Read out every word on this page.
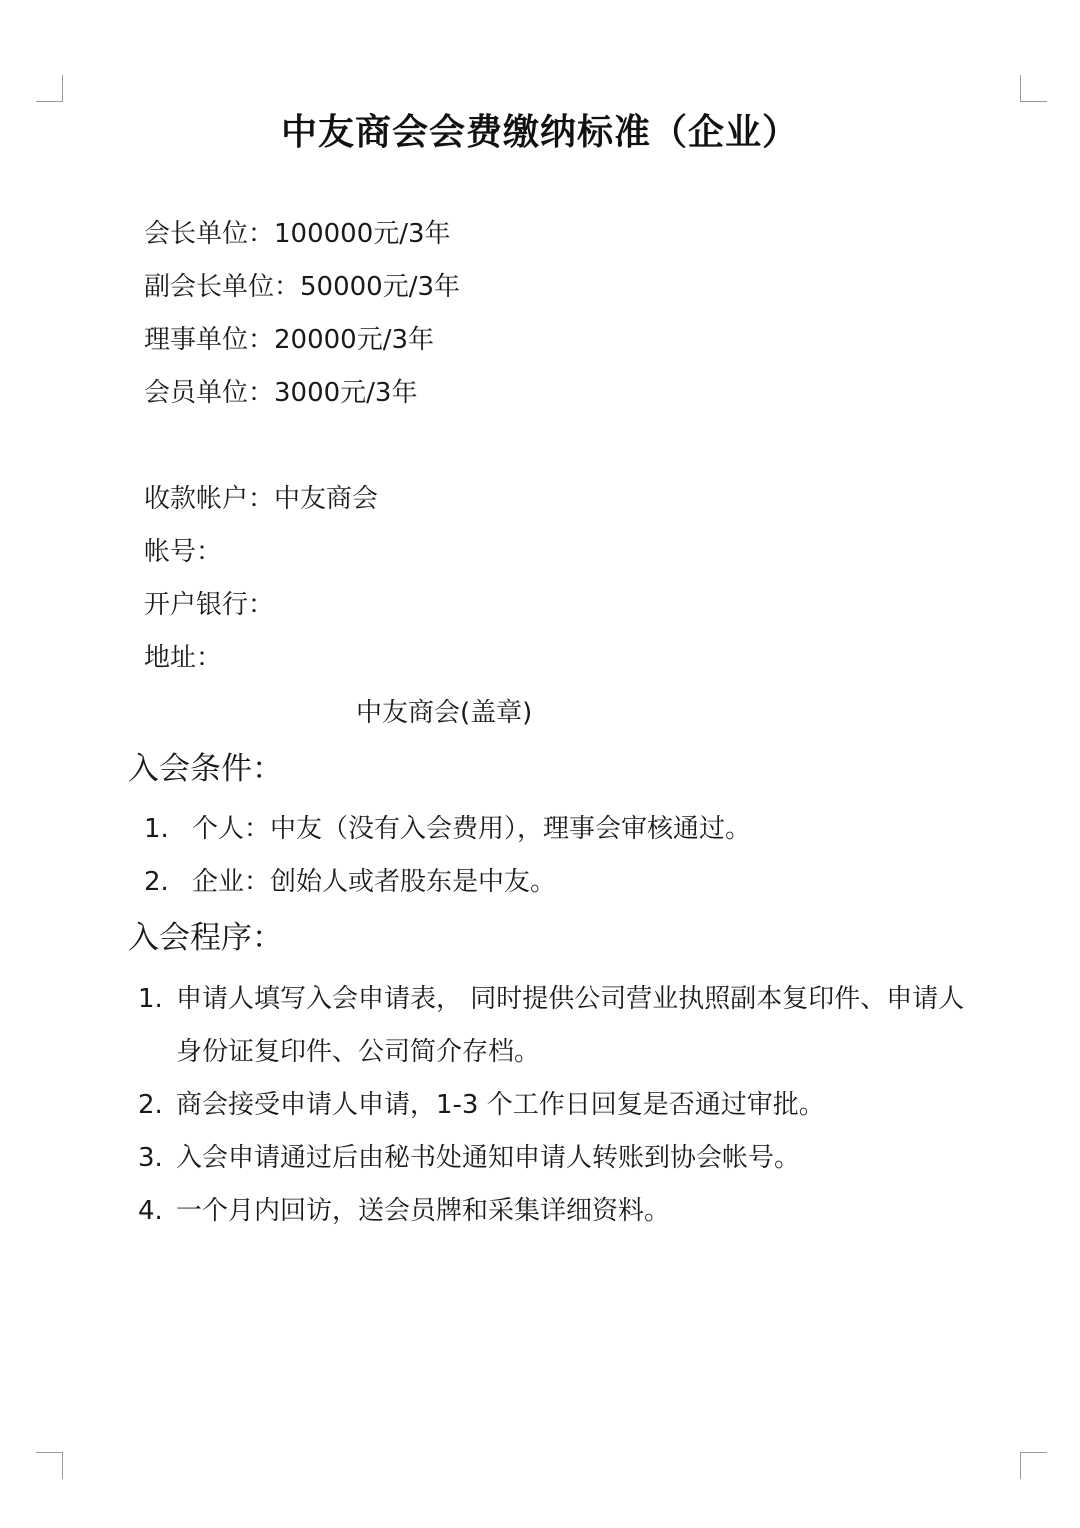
中友商会会费缴纳标准（企业）
会长单位：100000元/3年
副会长单位：50000元/3年
理事单位：20000元/3年
会员单位：3000元/3年
收款帐户：中友商会
帐号：
开户银行：
地址：
中友商会(盖章)
入会条件：
1. 个人：中友（没有入会费用），理事会审核通过。
2. 企业：创始人或者股东是中友。
入会程序：
1. 申请人填写入会申请表， 同时提供公司营业执照副本复印件、申请人
身份证复印件、公司简介存档。
2. 商会接受申请人申请，1-3 个工作日回复是否通过审批。
3. 入会申请通过后由秘书处通知申请人转账到协会帐号。
4. 一个月内回访，送会员牌和采集详细资料。
